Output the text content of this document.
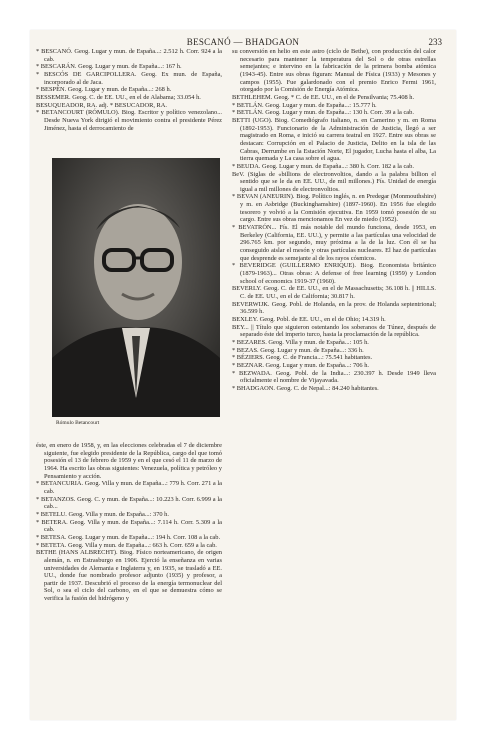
BESCANÓ — BHADGAON	233

* BESCANÓ. Geog. Lugar y mun. de España...: 2.512 h. Corr. 924 a la cab.

* BESCARÁN. Geog. Lugar y mun. de España...: 167 h.

* BESCÓS DE GARCIPOLLERA. Geog. Ex mun. de España, incorporado al de Jaca.

* BESPÉN. Geog. Lugar y mun. de España...: 268 h.

BESSEMER. Geog. C. de EE. UU., en el de Alabama; 33.054 h.

BESUQUEADOR, RA. adj. * BESUCADOR, RA.

* BETANCOURT (RÓMULO). Biog. Escritor y político venezolano... Desde Nueva York dirigió el movimiento contra el presidente Pérez Jiménez, hasta el derrocamiento de

Rómulo Betancourt

éste, en enero de 1958, y, en las elecciones celebradas el 7 de diciembre siguiente, fue elegido presidente de la República, cargo del que tomó posesión el 13 de febrero de 1959 y en el que cesó el 11 de marzo de 1964. Ha escrito las obras siguientes: Venezuela, política y petróleo y Pensamiento y acción.

* BETANCURIA. Geog. Villa y mun. de España...: 779 h. Corr. 271 a la cab.

* BETANZOS. Geog. C. y mun. de España...: 10.223 h. Corr. 6.999 a la cab...

* BETELU. Geog. Villa y mun. de España...: 370 h.

* BETERA. Geog. Villa y mun. de España...: 7.114 h. Corr. 5.309 a la cab.

* BETESA. Geog. Lugar y mun. de España...: 194 h. Corr. 108 a la cab.

* BETETA. Geog. Villa y mun. de España...: 663 h. Corr. 659 a la cab.

BETHE (HANS ALBRECHT). Biog. Físico norteamericano, de origen alemán, n. en Estrasburgo en 1906. Ejerció la enseñanza en varias universidades de Alemania e Inglaterra y, en 1935, se trasladó a EE. UU., donde fue nombrado profesor adjunto (1935) y profesor, a partir de 1937. Descubrió el proceso de la energía termonuclear del Sol, o sea el ciclo del carbono, en el que se demuestra cómo se verifica la fusión del hidrógeno y

su conversión en helio en este astro (ciclo de Bethe), con producción del calor necesario para mantener la temperatura del Sol o de otras estrellas semejantes; e intervino en la fabricación de la primera bomba atómica (1943-45). Entre sus obras figuran: Manual de Física (1933) y Mesones y campos (1955). Fue galardonado con el premio Enrico Fermi 1961, otorgado por la Comisión de Energía Atómica.

BETHLEHEM. Geog. * C. de EE. UU., en el de Pensilvania; 75.408 h.

* BETLÁN. Geog. Lugar y mun. de España...: 15.777 h.

* BETLÁN. Geog. Lugar y mun. de España...: 130 h. Corr. 39 a la cab.

BETTI (UGO). Biog. Comediógrafo italiano, n. en Camerino y m. en Roma (1892-1953). Funcionario de la Administración de Justicia, llegó a ser magistrado en Roma, e inició su carrera teatral en 1927. Entre sus obras se destacan: Corrupción en el Palacio de Justicia, Delito en la isla de las Cabras, Derrumbe en la Estación Norte, El jugador, Lucha hasta el alba, La tierra quemada y La casa sobre el agua.

* BEUDA. Geog. Lugar y mun. de España...: 380 h. Corr. 182 a la cab.

BeV. (Siglas de «billions de electronvoltios, dando a la palabra billion el sentido que se le da en EE. UU., de mil millones.) Fís. Unidad de energía igual a mil millones de electronvoltios.

* BEVAN (ANEURIN). Biog. Político inglés, n. en Predegar (Monmouthshire) y m. en Asbridge (Buckinghamshire) (1897-1960). En 1956 fue elegido tesorero y volvió a la Comisión ejecutiva. En 1959 tomó posesión de su cargo. Entre sus obras mencionamos En vez de miedo (1952).

* BEVATRÓN... Fís. El más notable del mundo funciona, desde 1953, en Berkeley (California, EE. UU.), y permite a las partículas una velocidad de 296.765 km. por segundo, muy próxima a la de la luz. Con él se ha conseguido aislar el mesón y otras partículas nucleares. El haz de partículas que desprende es semejante al de los rayos cósmicos.

* BEVERIDGE (GUILLERMO ENRIQUE). Biog. Economista británico (1879-1963)... Otras obras: A defense of free learning (1959) y London school of economics 1919-37 (1960).

BEVERLY. Geog. C. de EE. UU., en el de Massachusetts; 36.108 h. || HILLS. C. de EE. UU., en el de California; 30.817 h.

BEVERWIJK. Geog. Pobl. de Holanda, en la prov. de Holanda septentrional; 36.599 h.

BEXLEY. Geog. Pobl. de EE. UU., en el de Ohio; 14.319 h.

BEY... || Título que siguieron ostentando los soberanos de Túnez, después de separado éste del imperio turco, hasta la proclamación de la república.

* BEZARES. Geog. Villa y mun. de España...: 105 h.

* BEZAS. Geog. Lugar y mun. de España...: 336 h.

* BÉZIERS. Geog. C. de Francia...: 75.541 habitantes.

* BEZNAR. Geog. Lugar y mun. de España...: 706 h.

* BEZWADA. Geog. Pobl. de la India...: 230.397 h. Desde 1949 lleva oficialmente el nombre de Vijayavada.

* BHADGAON. Geog. C. de Nepal...: 84.240 habitantes.
